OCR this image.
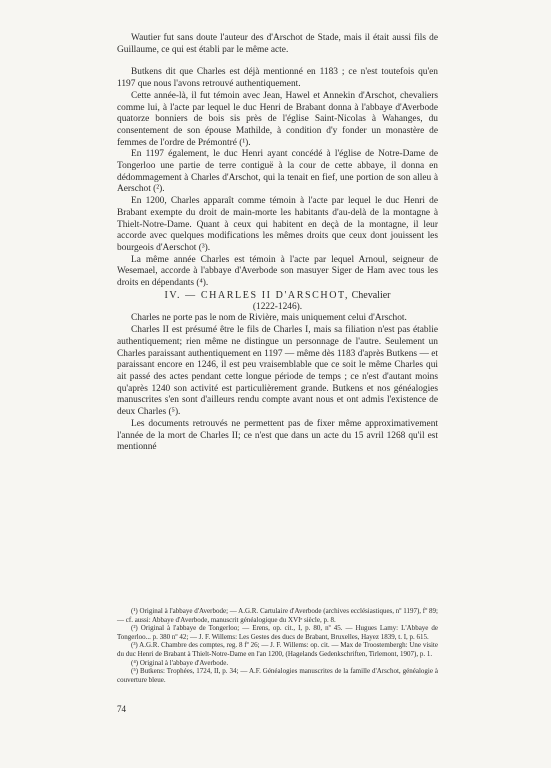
Wautier fut sans doute l'auteur des d'Arschot de Stade, mais il était aussi fils de Guillaume, ce qui est établi par le même acte.

Butkens dit que Charles est déjà mentionné en 1183 ; ce n'est toutefois qu'en 1197 que nous l'avons retrouvé authentiquement.

Cette année-là, il fut témoin avec Jean, Hawel et Annekin d'Arschot, chevaliers comme lui, à l'acte par lequel le duc Henri de Brabant donna à l'abbaye d'Averbode quatorze bonniers de bois sis près de l'église Saint-Nicolas à Wahanges, du consentement de son épouse Mathilde, à condition d'y fonder un monastère de femmes de l'ordre de Prémontré (¹).

En 1197 également, le duc Henri ayant concédé à l'église de Notre-Dame de Tongerloo une partie de terre contiguë à la cour de cette abbaye, il donna en dédommagement à Charles d'Arschot, qui la tenait en fief, une portion de son alleu à Aerschot (²).

En 1200, Charles apparaît comme témoin à l'acte par lequel le duc Henri de Brabant exempte du droit de main-morte les habitants d'au-delà de la montagne à Thielt-Notre-Dame. Quant à ceux qui habitent en deçà de la montagne, il leur accorde avec quelques modifications les mêmes droits que ceux dont jouissent les bourgeois d'Aerschot (³).

La même année Charles est témoin à l'acte par lequel Arnoul, seigneur de Wesemael, accorde à l'abbaye d'Averbode son masuyer Siger de Ham avec tous les droits en dépendants (⁴).

IV. — CHARLES II D'ARSCHOT, Chevalier

(1222-1246).

Charles ne porte pas le nom de Rivière, mais uniquement celui d'Arschot.

Charles II est présumé être le fils de Charles I, mais sa filiation n'est pas établie authentiquement; rien même ne distingue un personnage de l'autre. Seulement un Charles paraissant authentiquement en 1197 — même dès 1183 d'après Butkens — et paraissant encore en 1246, il est peu vraisemblable que ce soit le même Charles qui ait passé des actes pendant cette longue période de temps ; ce n'est d'autant moins qu'après 1240 son activité est particulièrement grande. Butkens et nos généalogies manuscrites s'en sont d'ailleurs rendu compte avant nous et ont admis l'existence de deux Charles (⁵).

Les documents retrouvés ne permettent pas de fixer même approximativement l'année de la mort de Charles II; ce n'est que dans un acte du 15 avril 1268 qu'il est mentionné

(¹) Original à l'abbaye d'Averbode; — A.G.R. Cartulaire d'Averbode (archives ecclésiastiques, nº 1197), fº 89; — cf. aussi: Abbaye d'Averbode, manuscrit généalogique du XVIᵉ siècle, p. 8.

(²) Original à l'abbaye de Tongerloo; — Erens, op. cit., I, p. 80, nº 45. — Hugues Lamy: L'Abbaye de Tongerloo... p. 380 nº 42; — J. F. Willems: Les Gestes des ducs de Brabant, Bruxelles, Hayez 1839, t. I, p. 615.

(³) A.G.R. Chambre des comptes, reg. 8 fº 26; — J. F. Willems: op. cit. — Max de Troostembergh: Une visite du duc Henri de Brabant à Thielt-Notre-Dame en l'an 1200, (Hagelands Gedenkschriften, Tirlemont, 1907), p. 1.

(⁴) Original à l'abbaye d'Averbode.

(⁵) Butkens: Trophées, 1724, II, p. 34; — A.F. Généalogies manuscrites de la famille d'Arschot, généalogie à couverture bleue.

74
